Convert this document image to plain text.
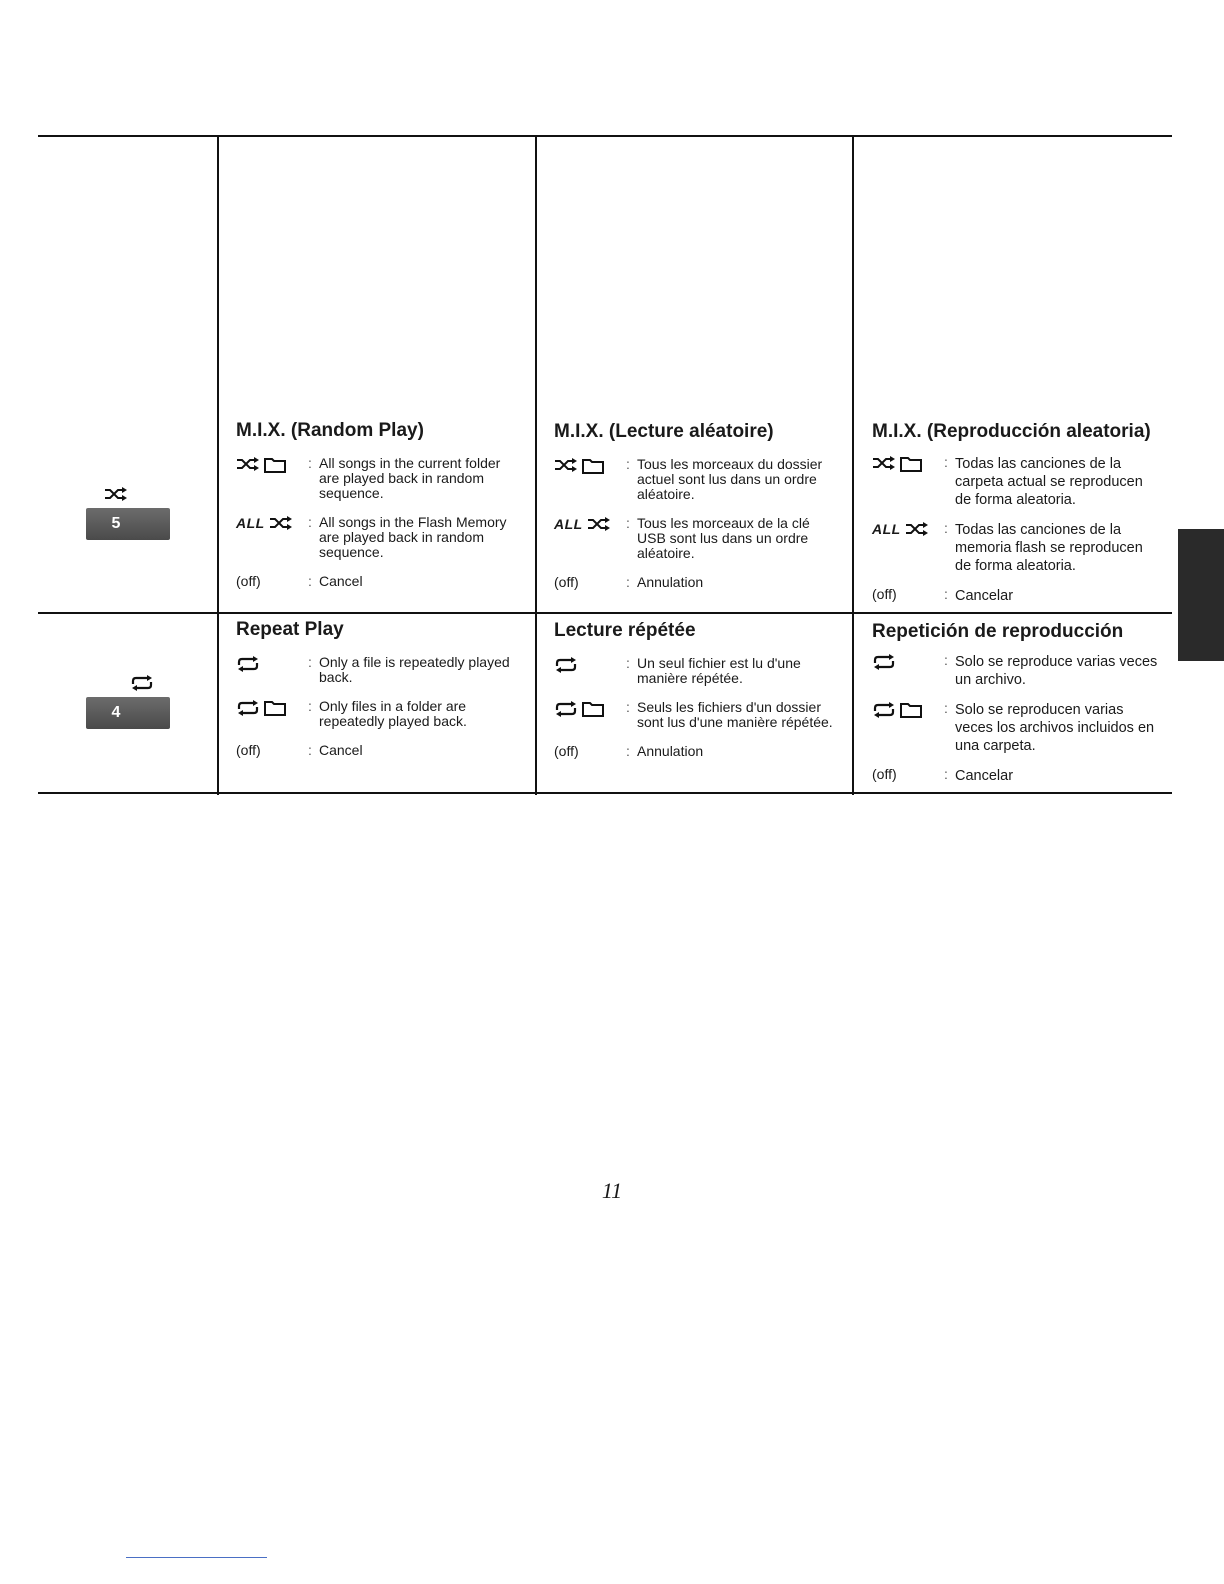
5
4
M.I.X. (Random Play)
: All songs in the current folder are played back in random sequence.
ALL	: All songs in the Flash Memory are played back in random sequence.
(off)	: Cancel
M.I.X. (Lecture aléatoire)
: Tous les morceaux du dossier actuel sont lus dans un ordre aléatoire.
ALL	: Tous les morceaux de la clé USB sont lus dans un ordre aléatoire.
(off)	: Annulation
M.I.X. (Reproducción aleatoria)
: Todas las canciones de la carpeta actual se reproducen de forma aleatoria.
ALL	: Todas las canciones de la memoria flash se reproducen de forma aleatoria.
(off)	: Cancelar
Repeat Play
: Only a file is repeatedly played back.
: Only files in a folder are repeatedly played back.
(off)	: Cancel
Lecture répétée
: Un seul fichier est lu d'une manière répétée.
: Seuls les fichiers d'un dossier sont lus d'une manière répétée.
(off)	: Annulation
Repetición de reproducción
: Solo se reproduce varias veces un archivo.
: Solo se reproducen varias veces los archivos incluidos en una carpeta.
(off)	: Cancelar
11
